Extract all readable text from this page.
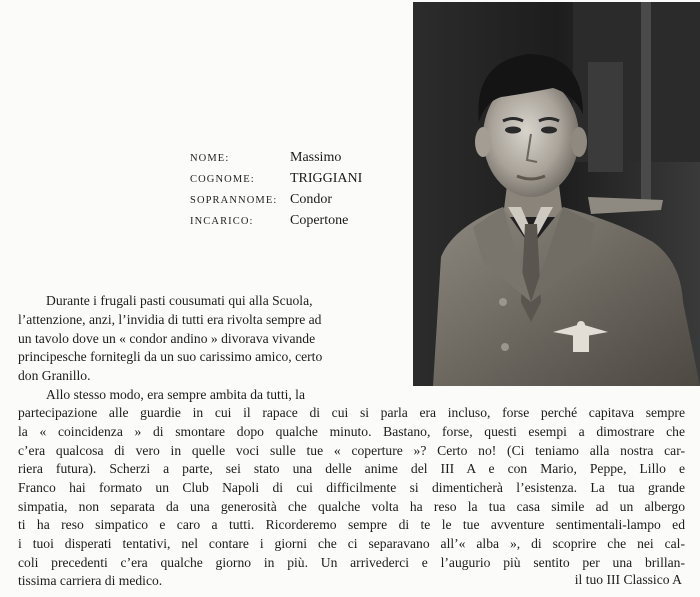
NOME:	Massimo
COGNOME:	TRIGGIANI
SOPRANNOME: Condor
INCARICO:	Copertone
Durante i frugali pasti cousumati qui alla Scuola,
l’attenzione, anzi, l’invidia di tutti era rivolta sempre ad
un tavolo dove un « condor andino » divorava vivande
principesche fornitegli da un suo carissimo amico, certo
don Granillo.
Allo stesso modo, era sempre ambita da tutti, la
partecipazione alle guardie in cui il rapace di cui si parla era incluso, forse perché capitava sempre
la « coincidenza » di smontare dopo qualche minuto. Bastano, forse, questi esempi a dimostrare che
c’era qualcosa di vero in quelle voci sulle tue « coperture »? Certo no! (Ci teniamo alla nostra car-
riera futura). Scherzi a parte, sei stato una delle anime del III A e con Mario, Peppe, Lillo e
Franco hai formato un Club Napoli di cui difficilmente si dimenticherà l’esistenza. La tua grande
simpatia, non separata da una generosità che qualche volta ha reso la tua casa simile ad un albergo
ti ha reso simpatico e caro a tutti. Ricorderemo sempre di te le tue avventure sentimentali-lampo ed
i tuoi disperati tentativi, nel contare i giorni che ci separavano all’« alba », di scoprire che nei cal-
coli precedenti c’era qualche giorno in più. Un arrivederci e l’augurio più sentito per una brillan-
tissima carriera di medico.	il tuo III Classico A
